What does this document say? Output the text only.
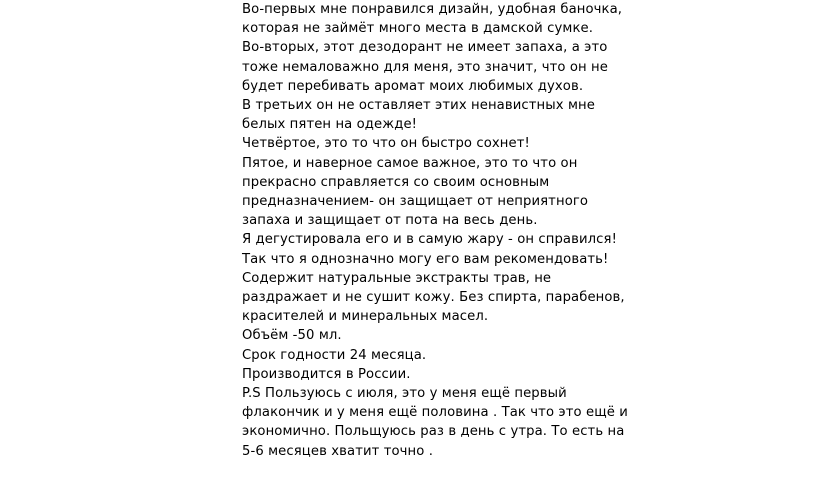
Во-первых мне понравился дизайн, удобная баночка,
которая не займёт много места в дамской сумке.
Во-вторых, этот дезодорант не имеет запаха, а это
тоже немаловажно для меня, это значит, что он не
будет перебивать аромат моих любимых духов.
В третьих он не оставляет этих ненавистных мне
белых пятен на одежде!
Четвёртое, это то что он быстро сохнет!
Пятое, и наверное самое важное, это то что он
прекрасно справляется со своим основным
предназначением- он защищает от неприятного
запаха и защищает от пота на весь день.
Я дегустировала его и в самую жару - он справился!
Так что я однозначно могу его вам рекомендовать!
Содержит натуральные экстракты трав, не
раздражает и не сушит кожу. Без спирта, парабенов,
красителей и минеральных масел.
Объём -50 мл.
Срок годности 24 месяца.
Производится в России.
P.S Пользуюсь с июля, это у меня ещё первый
флакончик и у меня ещё половина . Так что это ещё и
экономично. Польщуюсь раз в день с утра. То есть на
5-6 месяцев хватит точно .
